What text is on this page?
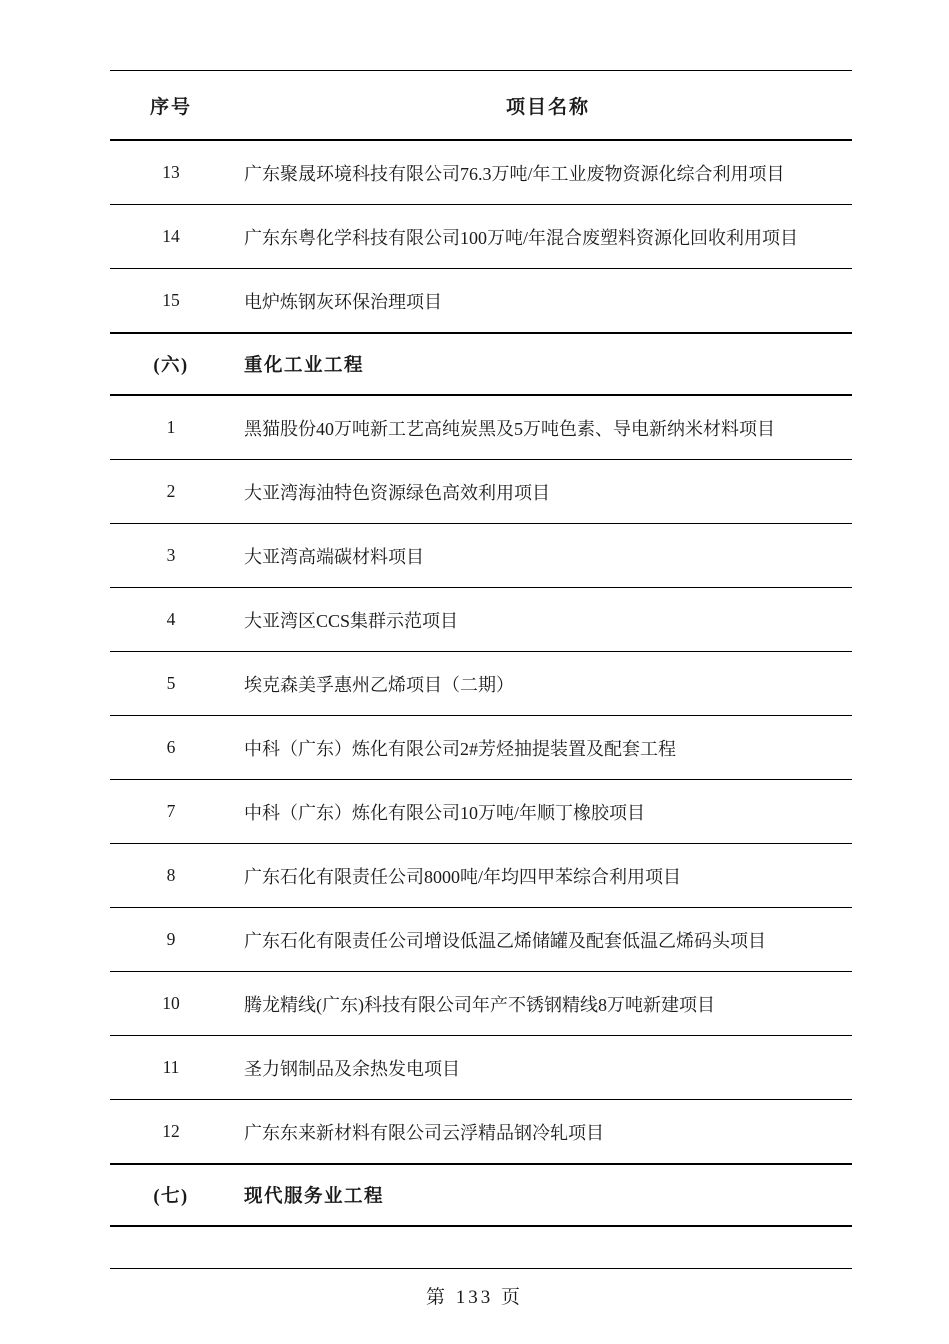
序号	项目名称

13	广东聚晟环境科技有限公司76.3万吨/年工业废物资源化综合利用项目

14	广东东粤化学科技有限公司100万吨/年混合废塑料资源化回收利用项目

15	电炉炼钢灰环保治理项目

(六)	重化工业工程

1	黑猫股份40万吨新工艺高纯炭黑及5万吨色素、导电新纳米材料项目

2	大亚湾海油特色资源绿色高效利用项目

3	大亚湾高端碳材料项目

4	大亚湾区CCS集群示范项目

5	埃克森美孚惠州乙烯项目（二期）

6	中科（广东）炼化有限公司2#芳烃抽提装置及配套工程

7	中科（广东）炼化有限公司10万吨/年顺丁橡胶项目

8	广东石化有限责任公司8000吨/年均四甲苯综合利用项目

9	广东石化有限责任公司增设低温乙烯储罐及配套低温乙烯码头项目

10	腾龙精线(广东)科技有限公司年产不锈钢精线8万吨新建项目

11	圣力钢制品及余热发电项目

12	广东东来新材料有限公司云浮精品钢冷轧项目

(七)	现代服务业工程
第 133 页
